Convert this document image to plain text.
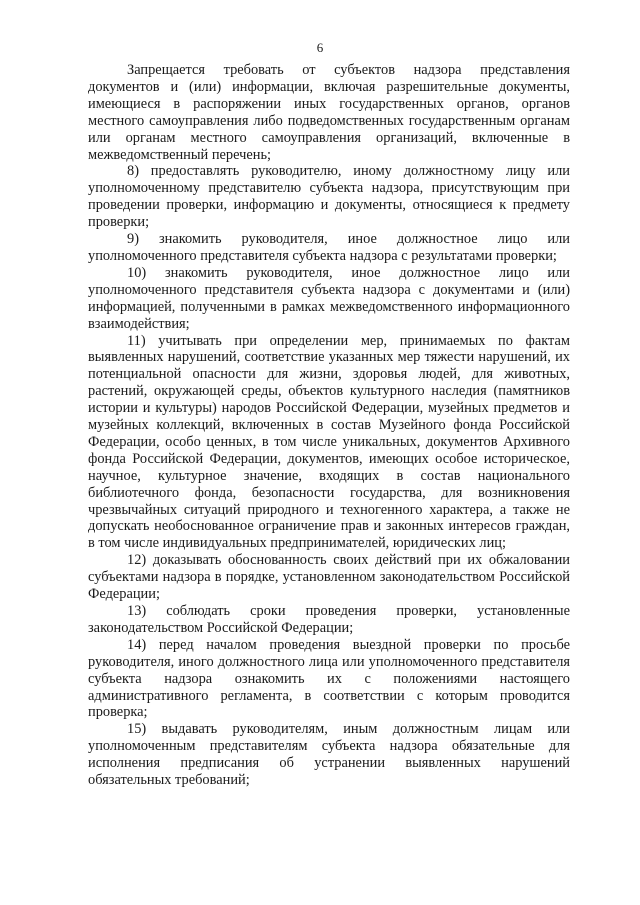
6

Запрещается требовать от субъектов надзора представления документов и (или) информации, включая разрешительные документы, имеющиеся в распоряжении иных государственных органов, органов местного самоуправления либо подведомственных государственным органам или органам местного самоуправления организаций, включенные в межведомственный перечень;

8) предоставлять руководителю, иному должностному лицу или уполномоченному представителю субъекта надзора, присутствующим при проведении проверки, информацию и документы, относящиеся к предмету проверки;

9) знакомить руководителя, иное должностное лицо или уполномоченного представителя субъекта надзора с результатами проверки;

10) знакомить руководителя, иное должностное лицо или уполномоченного представителя субъекта надзора с документами и (или) информацией, полученными в рамках межведомственного информационного взаимодействия;

11) учитывать при определении мер, принимаемых по фактам выявленных нарушений, соответствие указанных мер тяжести нарушений, их потенциальной опасности для жизни, здоровья людей, для животных, растений, окружающей среды, объектов культурного наследия (памятников истории и культуры) народов Российской Федерации, музейных предметов и музейных коллекций, включенных в состав Музейного фонда Российской Федерации, особо ценных, в том числе уникальных, документов Архивного фонда Российской Федерации, документов, имеющих особое историческое, научное, культурное значение, входящих в состав национального библиотечного фонда, безопасности государства, для возникновения чрезвычайных ситуаций природного и техногенного характера, а также не допускать необоснованное ограничение прав и законных интересов граждан, в том числе индивидуальных предпринимателей, юридических лиц;

12) доказывать обоснованность своих действий при их обжаловании субъектами надзора в порядке, установленном законодательством Российской Федерации;

13) соблюдать сроки проведения проверки, установленные законодательством Российской Федерации;

14) перед началом проведения выездной проверки по просьбе руководителя, иного должностного лица или уполномоченного представителя субъекта надзора ознакомить их с положениями настоящего административного регламента, в соответствии с которым проводится проверка;

15) выдавать руководителям, иным должностным лицам или уполномоченным представителям субъекта надзора обязательные для исполнения предписания об устранении выявленных нарушений обязательных требований;
